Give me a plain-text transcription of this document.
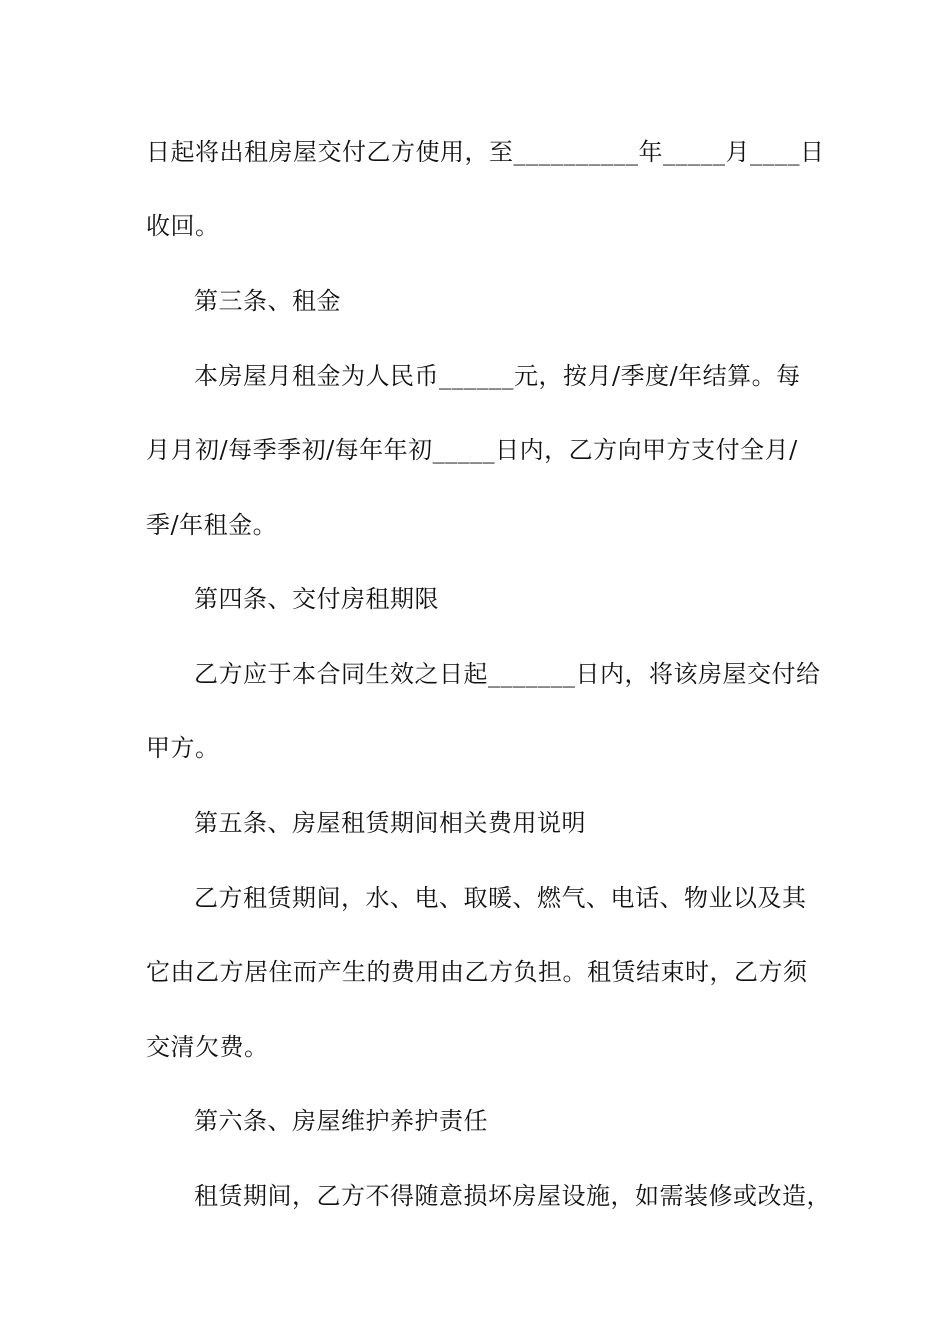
日起将出租房屋交付乙方使用，至__________年_____月____日
收回。
第三条、租金
本房屋月租金为人民币______元，按月/季度/年结算。每
月月初/每季季初/每年年初_____日内，乙方向甲方支付全月/
季/年租金。
第四条、交付房租期限
乙方应于本合同生效之日起_______日内，将该房屋交付给
甲方。
第五条、房屋租赁期间相关费用说明
乙方租赁期间，水、电、取暖、燃气、电话、物业以及其
它由乙方居住而产生的费用由乙方负担。租赁结束时，乙方须
交清欠费。
第六条、房屋维护养护责任
租赁期间，乙方不得随意损坏房屋设施，如需装修或改造，
